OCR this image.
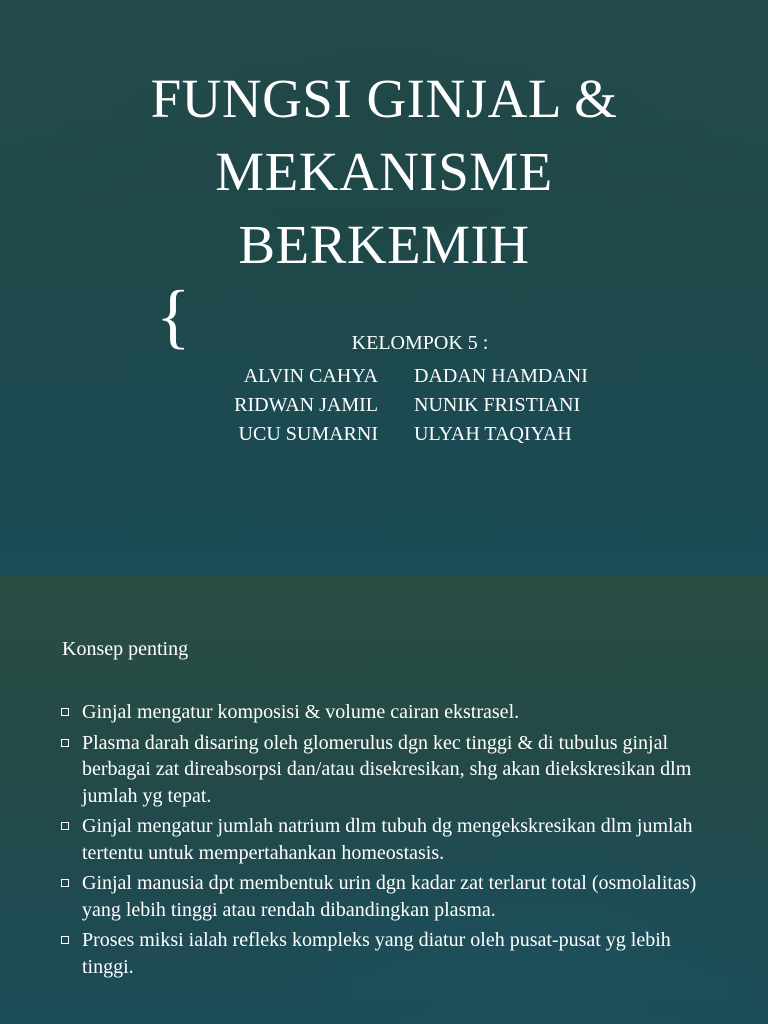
FUNGSI GINJAL &
MEKANISME
BERKEMIH
{	KELOMPOK 5 :
ALVIN CAHYA DADAN HAMDANI
RIDWAN JAMIL NUNIK FRISTIANI
UCU SUMARNI ULYAH TAQIYAH
Konsep penting
Ginjal mengatur komposisi & volume cairan ekstrasel.
Plasma darah disaring oleh glomerulus dgn kec tinggi & di tubulus ginjal berbagai zat direabsorpsi dan/atau disekresikan, shg akan diekskresikan dlm jumlah yg tepat.
Ginjal mengatur jumlah natrium dlm tubuh dg mengekskresikan dlm jumlah tertentu untuk mempertahankan homeostasis.
Ginjal manusia dpt membentuk urin dgn kadar zat terlarut total (osmolalitas) yang lebih tinggi atau rendah dibandingkan plasma.
Proses miksi ialah refleks kompleks yang diatur oleh pusat-pusat yg lebih tinggi.
